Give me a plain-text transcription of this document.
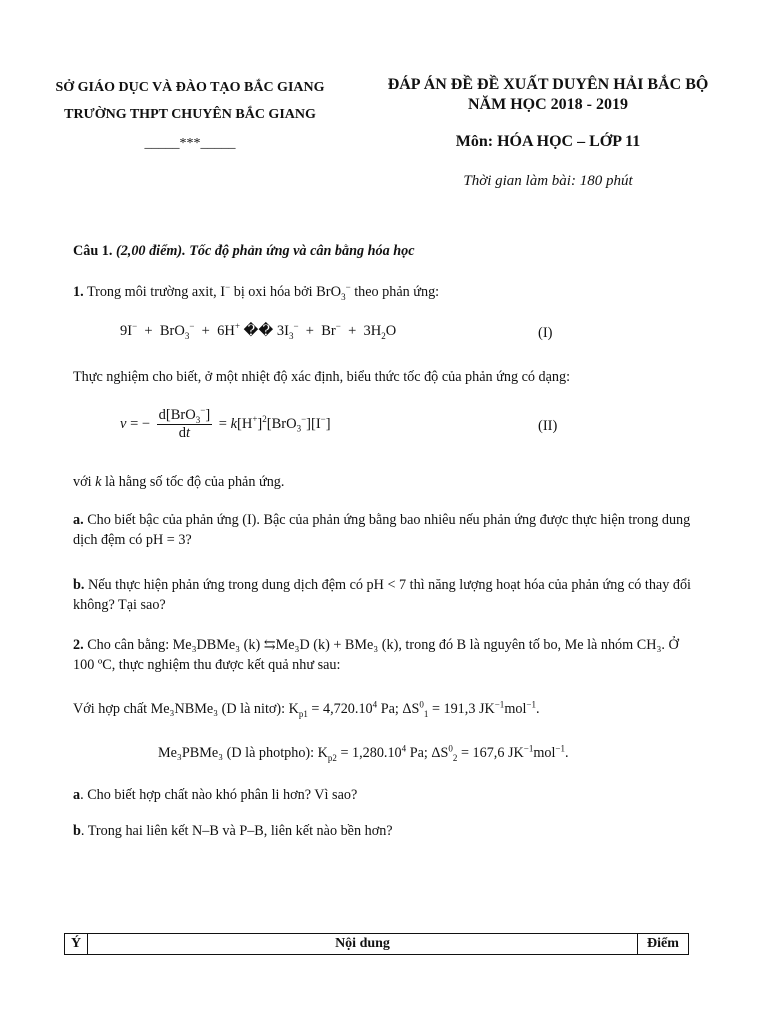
SỞ GIÁO DỤC VÀ ĐÀO TẠO BẮC GIANG
TRƯỜNG THPT CHUYÊN BẮC GIANG
_____***_____
ĐÁP ÁN ĐỀ ĐỀ XUẤT DUYÊN HẢI BẮC BỘ
NĂM HỌC 2018 - 2019
Môn: HÓA HỌC – LỚP 11
Thời gian làm bài: 180 phút
Câu 1. (2,00 điểm). Tốc độ phản ứng và cân bằng hóa học
1. Trong môi trường axit, I− bị oxi hóa bởi BrO$_3$− theo phản ứng:
9I−  +  BrO$_3$−  +  6H+ �� $3I_3^- + Br^- + 3H_2O$	(I)
Thực nghiệm cho biết, ở một nhiệt độ xác định, biểu thức tốc độ của phản ứng có dạng:
v = − $\frac{d[BrO_3^-]}{dt} = k[H^+]^2[BrO_3^-][I^-]$	(II)
với k là hằng số tốc độ của phản ứng.
a. Cho biết bậc của phản ứng (I). Bậc của phản ứng bằng bao nhiêu nếu phản ứng được thực hiện trong dung dịch đệm có pH = 3?
b. Nếu thực hiện phản ứng trong dung dịch đệm có pH < 7 thì năng lượng hoạt hóa của phản ứng có thay đổi không? Tại sao?
2. Cho cân bằng: Me₃DBMe₃ (k) ⇆Me₃D (k) + BMe₃ (k), trong đó B là nguyên tố bo, Me là nhóm CH₃. Ở 100 ºC, thực nghiệm thu được kết quả như sau:
Với hợp chất Me₃NBMe₃ (D là nitơ): $K_{p1} = 4,720.10^4$ Pa; $\Delta S^0_1 = 191,3$ $JK^{-1}mol^{-1}$.
Me₃PBMe₃ (D là photpho): $K_{p2} = 1,280.10^4$ Pa; $\Delta S^0_2 = 167,6$ $JK^{-1}mol^{-1}$.
a. Cho biết hợp chất nào khó phân li hơn? Vì sao?
b. Trong hai liên kết N–B và P–B, liên kết nào bền hơn?
Ý	Nội dung	Điểm
